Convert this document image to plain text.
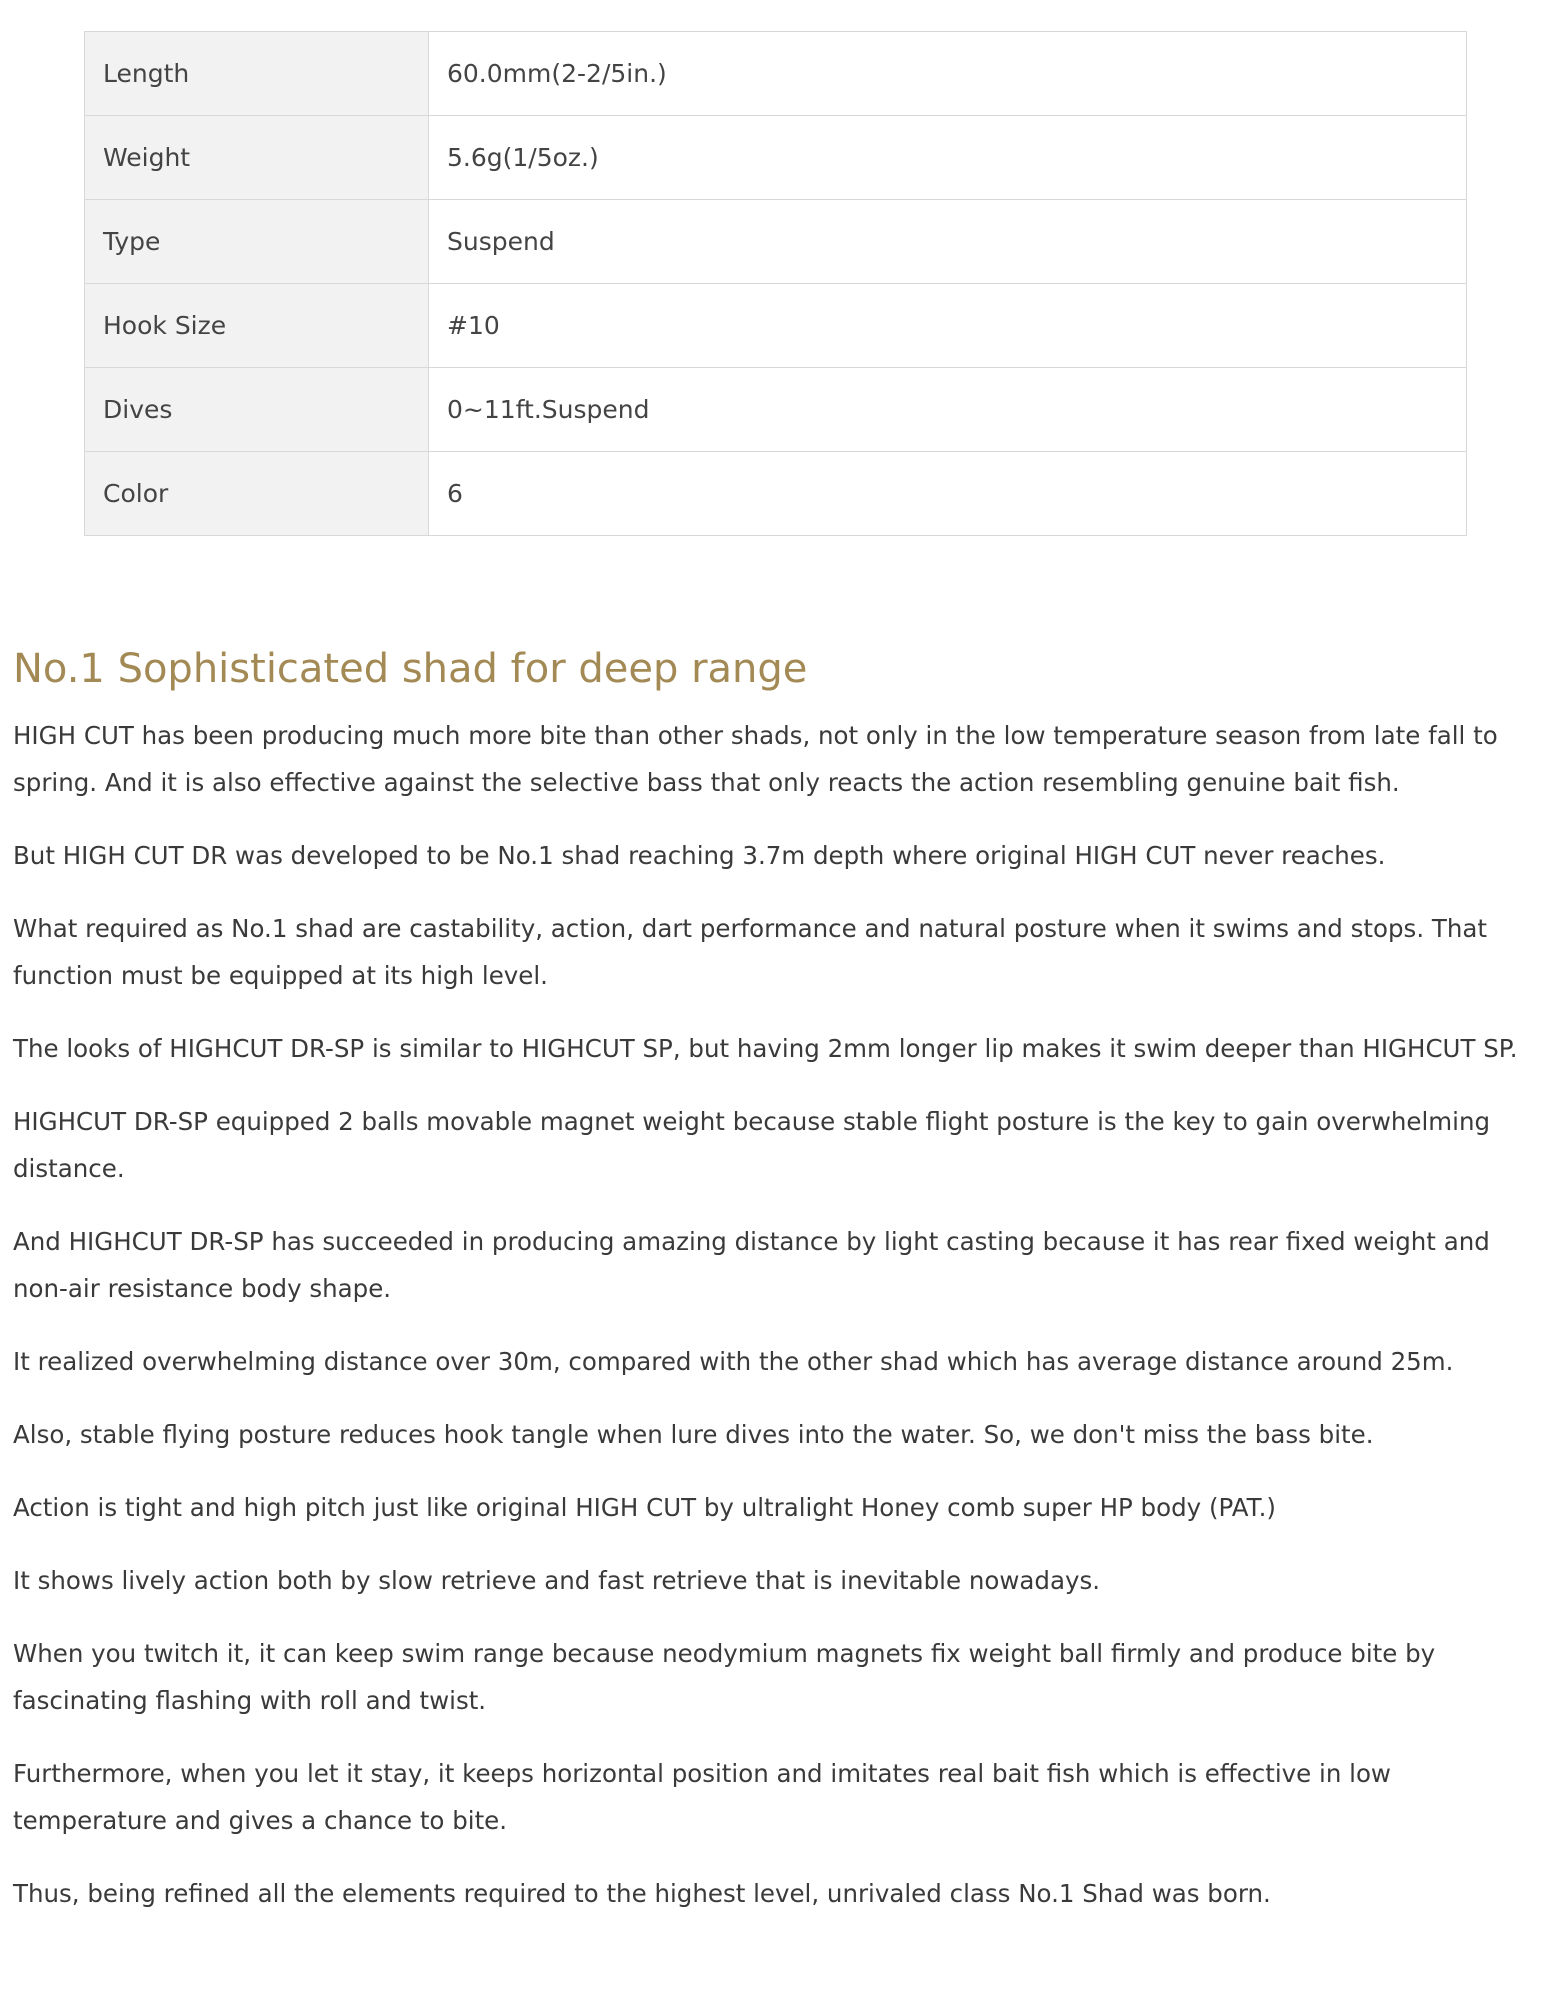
Length	60.0mm(2-2/5in.)
Weight	5.6g(1/5oz.)
Type	Suspend
Hook Size	#10
Dives	0~11ft.Suspend
Color	6
No.1 Sophisticated shad for deep range

HIGH CUT has been producing much more bite than other shads, not only in the low temperature season from late fall to spring. And it is also effective against the selective bass that only reacts the action resembling genuine bait fish.

But HIGH CUT DR was developed to be No.1 shad reaching 3.7m depth where original HIGH CUT never reaches.

What required as No.1 shad are castability, action, dart performance and natural posture when it swims and stops. That function must be equipped at its high level.

The looks of HIGHCUT DR-SP is similar to HIGHCUT SP, but having 2mm longer lip makes it swim deeper than HIGHCUT SP.

HIGHCUT DR-SP equipped 2 balls movable magnet weight because stable flight posture is the key to gain overwhelming distance.

And HIGHCUT DR-SP has succeeded in producing amazing distance by light casting because it has rear fixed weight and non-air resistance body shape.

It realized overwhelming distance over 30m, compared with the other shad which has average distance around 25m.

Also, stable flying posture reduces hook tangle when lure dives into the water. So, we don't miss the bass bite.

Action is tight and high pitch just like original HIGH CUT by ultralight Honey comb super HP body (PAT.)

It shows lively action both by slow retrieve and fast retrieve that is inevitable nowadays.

When you twitch it, it can keep swim range because neodymium magnets fix weight ball firmly and produce bite by fascinating flashing with roll and twist.

Furthermore, when you let it stay, it keeps horizontal position and imitates real bait fish which is effective in low temperature and gives a chance to bite.

Thus, being refined all the elements required to the highest level, unrivaled class No.1 Shad was born.
